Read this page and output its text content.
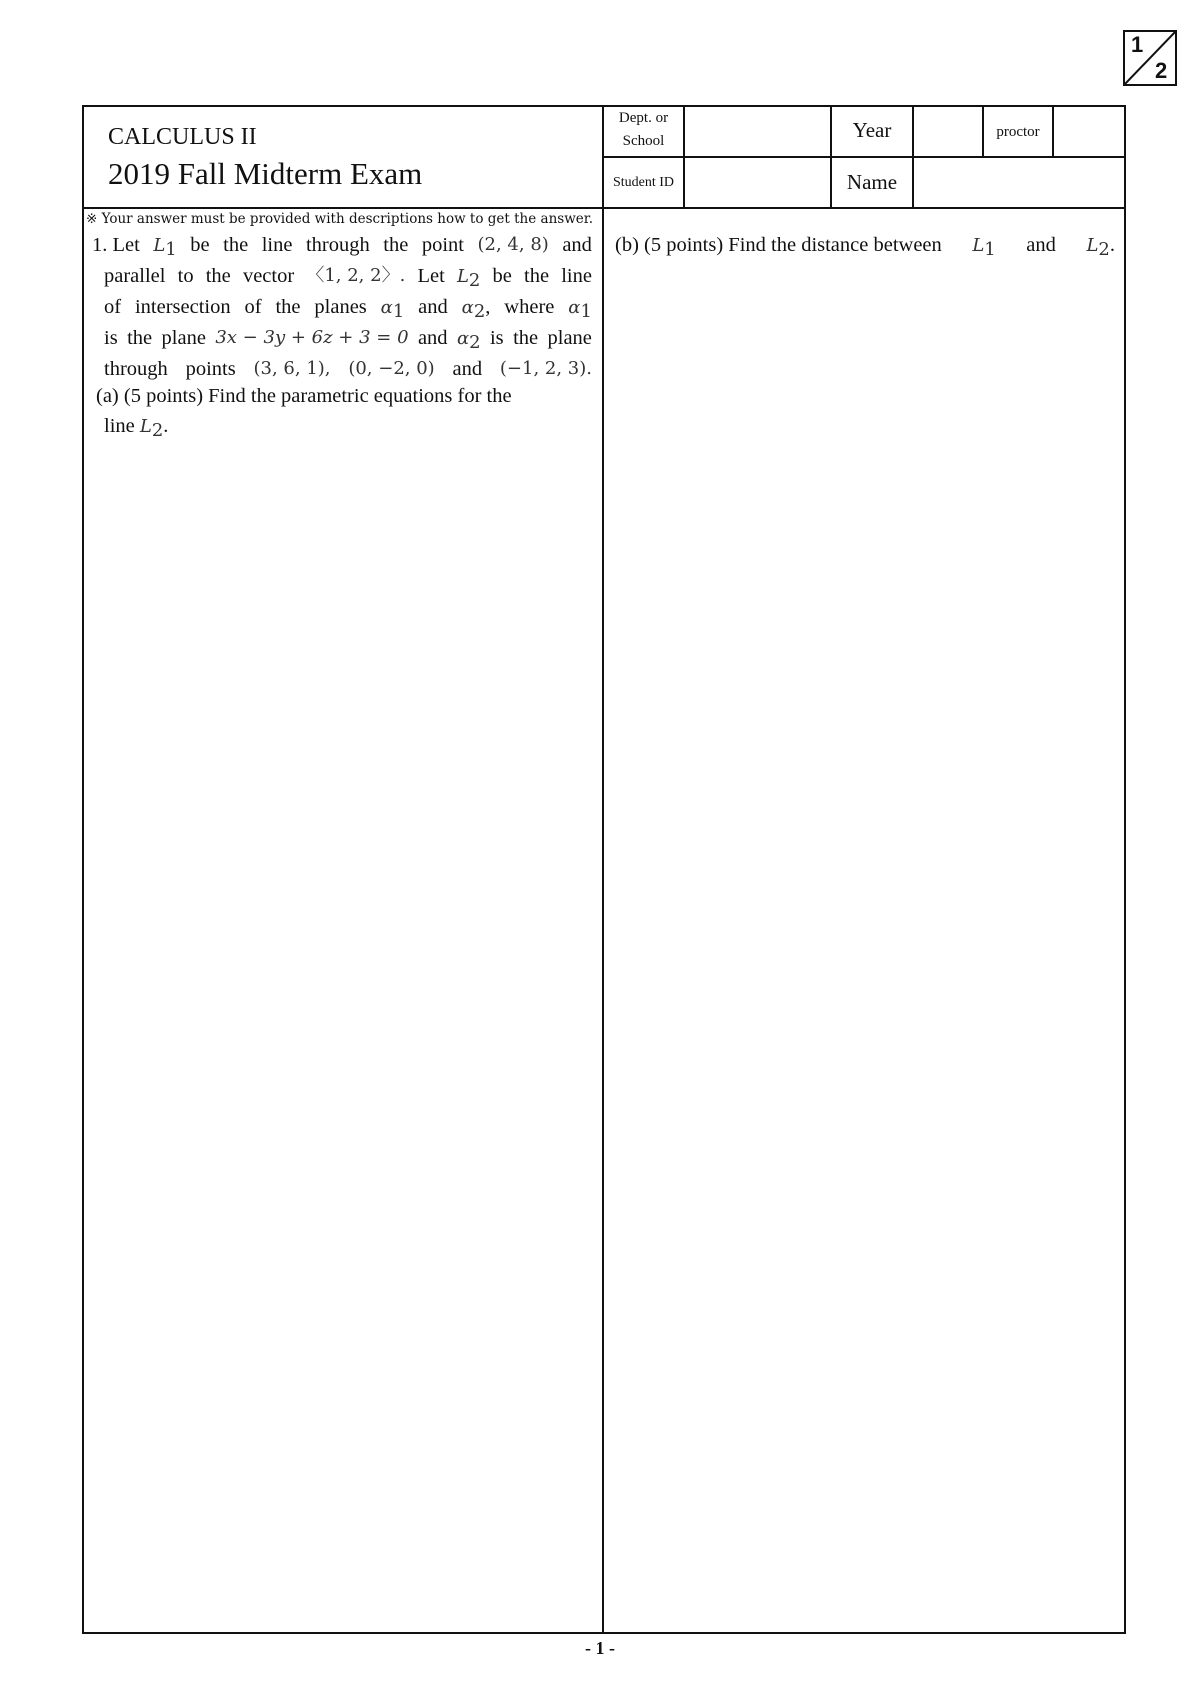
1
2
CALCULUS II
2019 Fall Midterm Exam
Dept. or
School	Year	proctor
Student ID	Name
※ Your answer must be provided with descriptions how to get the answer.
1. Let $L_1$ be the line through the point (2, 4, 8) and
parallel to the vector 〈1, 2, 2〉. Let $L_2$ be the line
of intersection of the planes $\alpha_1$ and $\alpha_2$, where $\alpha_1$
is the plane 3x − 3y + 6z + 3 = 0 and $\alpha_2$ is the plane
through points (3, 6, 1), (0, −2, 0) and (−1, 2, 3).
(a) (5 points) Find the parametric equations for the
line $L_2$.
(b) (5 points) Find the distance between $L_1$ and $L_2$.
- 1 -
